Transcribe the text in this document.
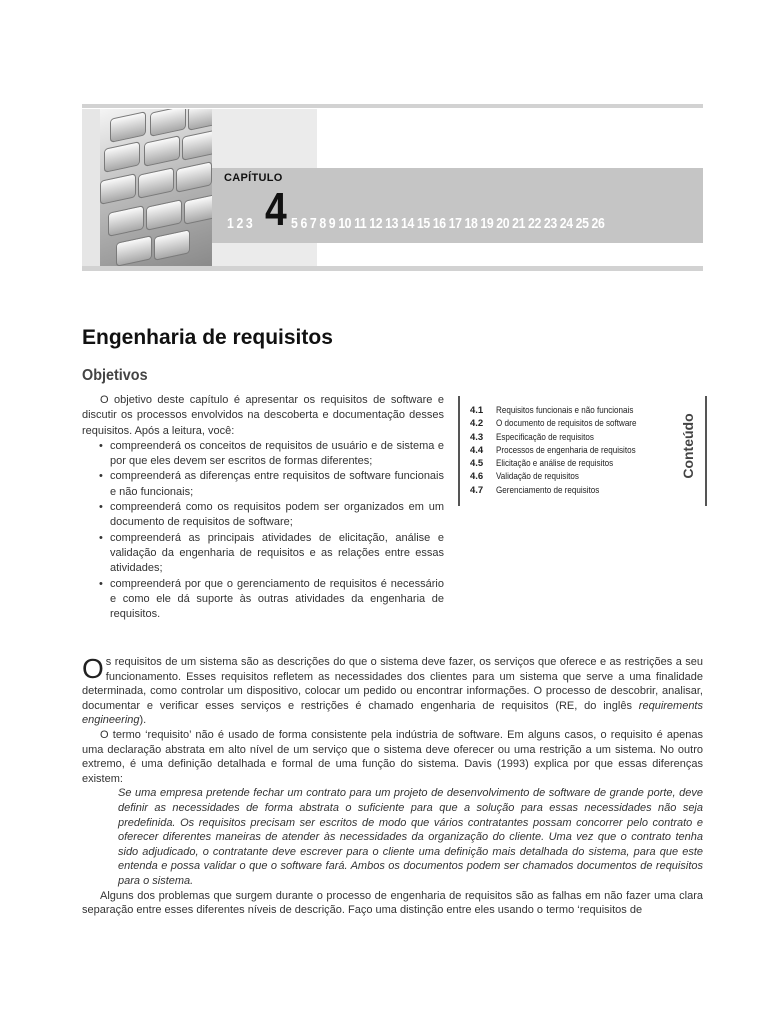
CAPÍTULO
1 2 3 4 5 6 7 8 9 10 11 12 13 14 15 16 17 18 19 20 21 22 23 24 25 26
Engenharia de requisitos
Objetivos

O objetivo deste capítulo é apresentar os requisitos de software e discutir os processos envolvidos na descoberta e documentação desses requisitos. Após a leitura, você:

• compreenderá os conceitos de requisitos de usuário e de sistema e por que eles devem ser escritos de formas diferentes;
• compreenderá as diferenças entre requisitos de software funcionais e não funcionais;
• compreenderá como os requisitos podem ser organizados em um documento de requisitos de software;
• compreenderá as principais atividades de elicitação, análise e validação da engenharia de requisitos e as relações entre essas atividades;
• compreenderá por que o gerenciamento de requisitos é necessário e como ele dá suporte às outras atividades da engenharia de requisitos.
4.1 Requisitos funcionais e não funcionais
4.2 O documento de requisitos de software
4.3 Especificação de requisitos
4.4 Processos de engenharia de requisitos
4.5 Elicitação e análise de requisitos
4.6 Validação de requisitos
4.7 Gerenciamento de requisitos
Conteúdo

Os requisitos de um sistema são as descrições do que o sistema deve fazer, os serviços que oferece e as restrições a seu funcionamento. Esses requisitos refletem as necessidades dos clientes para um sistema que serve a uma finalidade determinada, como controlar um dispositivo, colocar um pedido ou encontrar informações. O processo de descobrir, analisar, documentar e verificar esses serviços e restrições é chamado engenharia de requisitos (RE, do inglês requirements engineering).

O termo ‘requisito’ não é usado de forma consistente pela indústria de software. Em alguns casos, o requisito é apenas uma declaração abstrata em alto nível de um serviço que o sistema deve oferecer ou uma restrição a um sistema. No outro extremo, é uma definição detalhada e formal de uma função do sistema. Davis (1993) explica por que essas diferenças existem:

Se uma empresa pretende fechar um contrato para um projeto de desenvolvimento de software de grande porte, deve definir as necessidades de forma abstrata o suficiente para que a solução para essas necessidades não seja predefinida. Os requisitos precisam ser escritos de modo que vários contratantes possam concorrer pelo contrato e oferecer diferentes maneiras de atender às necessidades da organização do cliente. Uma vez que o contrato tenha sido adjudicado, o contratante deve escrever para o cliente uma definição mais detalhada do sistema, para que este entenda e possa validar o que o software fará. Ambos os documentos podem ser chamados documentos de requisitos para o sistema.

Alguns dos problemas que surgem durante o processo de engenharia de requisitos são as falhas em não fazer uma clara separação entre esses diferentes níveis de descrição. Faço uma distinção entre eles usando o termo ‘requisitos de
